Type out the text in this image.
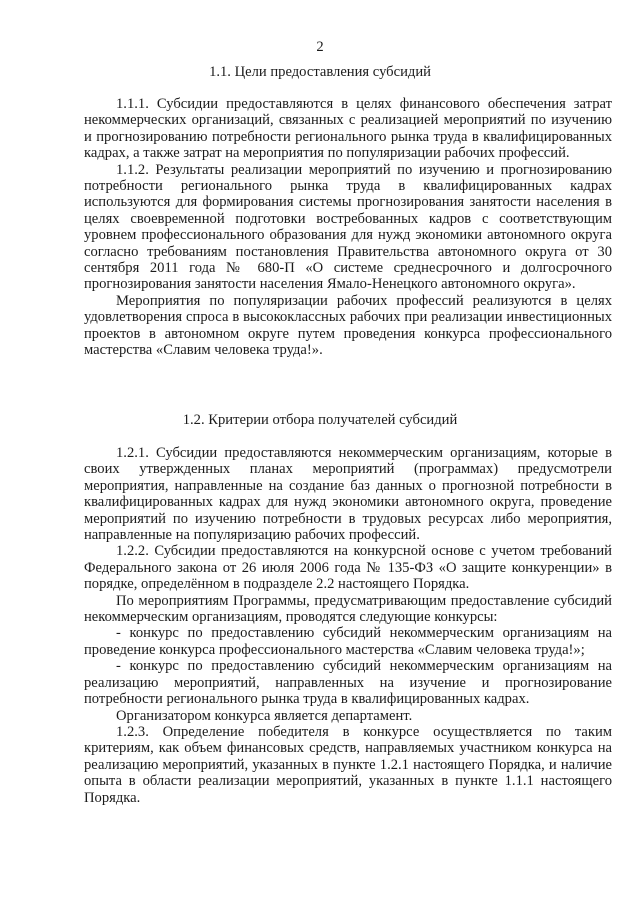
2
1.1. Цели предоставления субсидий

1.1.1. Субсидии предоставляются в целях финансового обеспечения затрат некоммерческих организаций, связанных с реализацией мероприятий по изучению и прогнозированию потребности регионального рынка труда в квалифицированных кадрах, а также затрат на мероприятия по популяризации рабочих профессий.

1.1.2. Результаты реализации мероприятий по изучению и прогнозированию потребности регионального рынка труда в квалифицированных кадрах используются для формирования системы прогнозирования занятости населения в целях своевременной подготовки востребованных кадров с соответствующим уровнем профессионального образования для нужд экономики автономного округа согласно требованиям постановления Правительства автономного округа от 30 сентября 2011 года № 680-П «О системе среднесрочного и долгосрочного прогнозирования занятости населения Ямало-Ненецкого автономного округа».

Мероприятия по популяризации рабочих профессий реализуются в целях удовлетворения спроса в высококлассных рабочих при реализации инвестиционных проектов в автономном округе путем проведения конкурса профессионального мастерства «Славим человека труда!».

1.2. Критерии отбора получателей субсидий

1.2.1. Субсидии предоставляются некоммерческим организациям, которые в своих утвержденных планах мероприятий (программах) предусмотрели мероприятия, направленные на создание баз данных о прогнозной потребности в квалифицированных кадрах для нужд экономики автономного округа, проведение мероприятий по изучению потребности в трудовых ресурсах либо мероприятия, направленные на популяризацию рабочих профессий.

1.2.2. Субсидии предоставляются на конкурсной основе с учетом требований Федерального закона от 26 июля 2006 года № 135-ФЗ «О защите конкуренции» в порядке, определённом в подразделе 2.2 настоящего Порядка.

По мероприятиям Программы, предусматривающим предоставление субсидий некоммерческим организациям, проводятся следующие конкурсы:

- конкурс по предоставлению субсидий некоммерческим организациям на проведение конкурса профессионального мастерства «Славим человека труда!»;

- конкурс по предоставлению субсидий некоммерческим организациям на реализацию мероприятий, направленных на изучение и прогнозирование потребности регионального рынка труда в квалифицированных кадрах.

Организатором конкурса является департамент.

1.2.3. Определение победителя в конкурсе осуществляется по таким критериям, как объем финансовых средств, направляемых участником конкурса на реализацию мероприятий, указанных в пункте 1.2.1 настоящего Порядка, и наличие опыта в области реализации мероприятий, указанных в пункте 1.1.1 настоящего Порядка.
